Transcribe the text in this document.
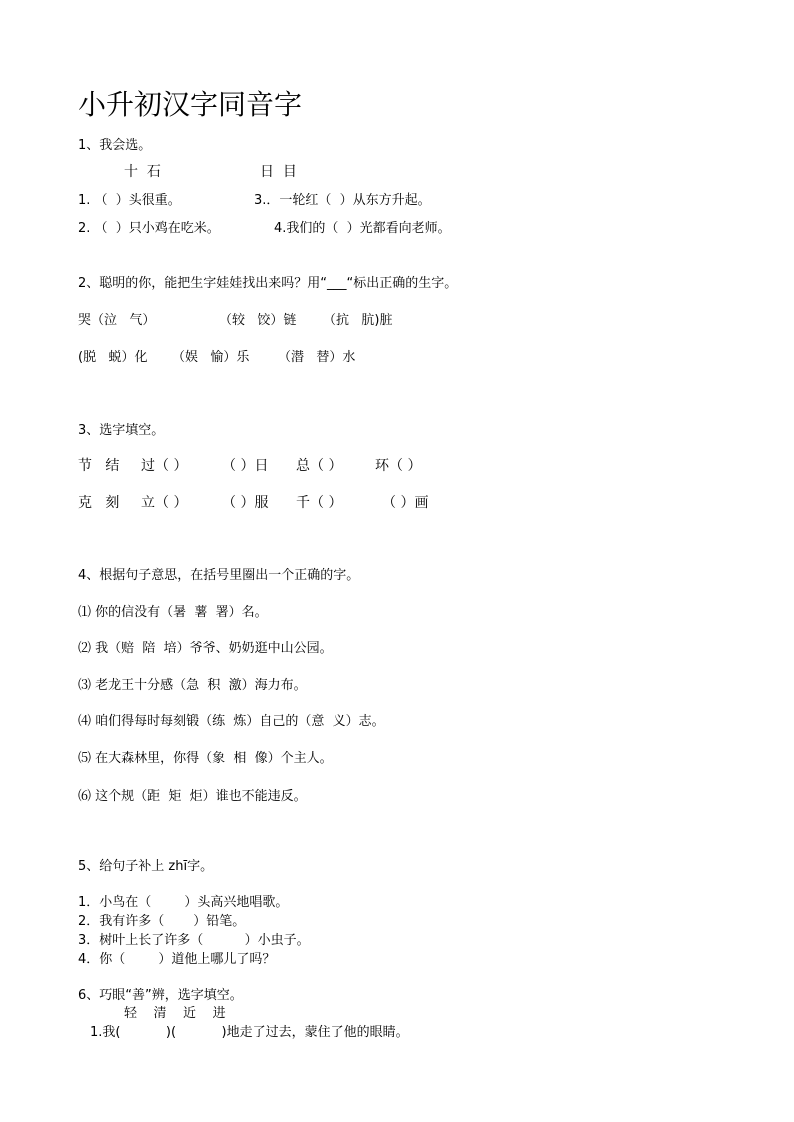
小升初汉字同音字
1、我会选。
十  石	日  目
1. （  ）头很重。	3.．一轮红（  ）从东方升起。
2. （  ）只小鸡在吃米。	4.我们的（  ）光都看向老师。
2、聪明的你，能把生字娃娃找出来吗？用“___“标出正确的生字。
哭（泣   气）	（较   饺）链 （抗   肮)脏
(脱   蜕）化 （娱   愉）乐 （潜   替）水
3、选字填空。
节   结 过（ ） （ ）日 总（ ） 环（ ）
克   刻 立（ ） （ ）服 千（ ）	（ ）画
4、根据句子意思，在括号里圈出一个正确的字。
⑴ 你的信没有（暑  薯  署）名。
⑵ 我（赔  陪  培）爷爷、奶奶逛中山公园。
⑶ 老龙王十分感（急  积  激）海力布。
⑷ 咱们得每时每刻锻（练  炼）自己的（意  义）志。
⑸ 在大森林里，你得（象  相  像）个主人。
⑹ 这个规（距  矩  炬）谁也不能违反。
5、给句子补上 zhī字。
1．小鸟在（        ）头高兴地唱歌。
2．我有许多（       ）铅笔。
3．树叶上长了许多（          ）小虫子。
4．你（        ）道他上哪儿了吗？
6、巧眼“善”辨，选字填空。
轻    清    近    进
1.我(           )(           )地走了过去，蒙住了他的眼睛。
